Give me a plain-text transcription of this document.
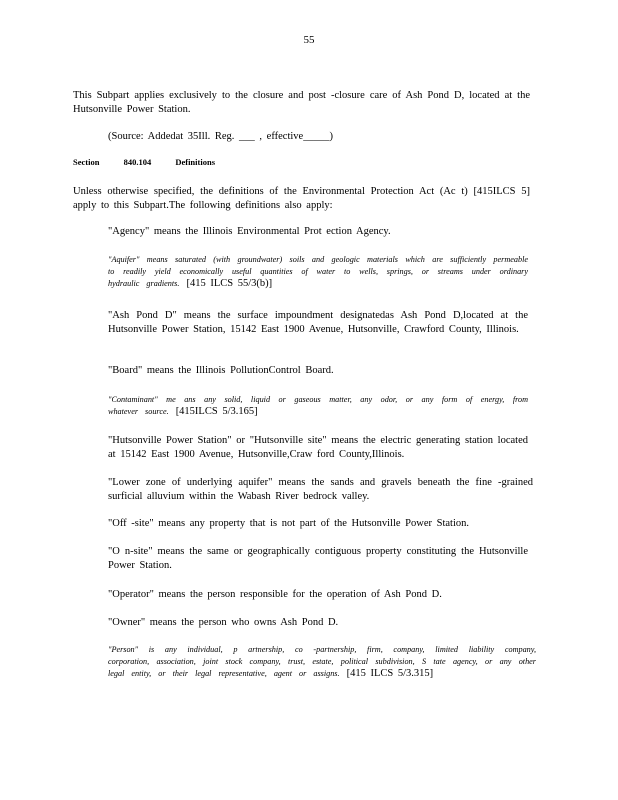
55

This Subpart applies exclusively to the closure and post -closure care of Ash Pond D, located at the Hutsonville Power Station.

(Source: Addedat 35Ill. Reg. ___ , effective_____)

Section	840.104	Definitions

Unless otherwise specified, the definitions of the Environmental Protection Act (Ac t) [415ILCS 5] apply to this Subpart.The following definitions also apply:

"Agency" means the Illinois Environmental Prot ection Agency.

"Aquifer" means saturated (with groundwater) soils and geologic materials which are sufficiently permeable to readily yield economically useful quantities of water to wells, springs, or streams under ordinary hydraulic gradients. [415 ILCS 55/3(b)]

"Ash Pond D" means the surface impoundment designatedas Ash Pond D,located at the Hutsonville Power Station, 15142 East 1900 Avenue, Hutsonville, Crawford County, Illinois.

"Board" means the Illinois PollutionControl Board.

"Contaminant" me ans any solid, liquid or gaseous matter, any odor, or any form of energy, from whatever source. [415ILCS 5/3.165]

"Hutsonville Power Station" or "Hutsonville site" means the electric generating station located at 15142 East 1900 Avenue, Hutsonville,Craw ford County,Illinois.

"Lower zone of underlying aquifer" means the sands and gravels beneath the fine -grained surficial alluvium within the Wabash River bedrock valley.

"Off -site" means any property that is not part of the Hutsonville Power Station.

"O n-site" means the same or geographically contiguous property constituting the Hutsonville Power Station.

"Operator" means the person responsible for the operation of Ash Pond D.

"Owner" means the person who owns Ash Pond D.

"Person" is any individual, p artnership, co -partnership, firm, company, limited liability company, corporation, association, joint stock company, trust, estate, political subdivision, S tate agency, or any other legal entity, or their legal representative, agent or assigns. [415 ILCS 5/3.315]
